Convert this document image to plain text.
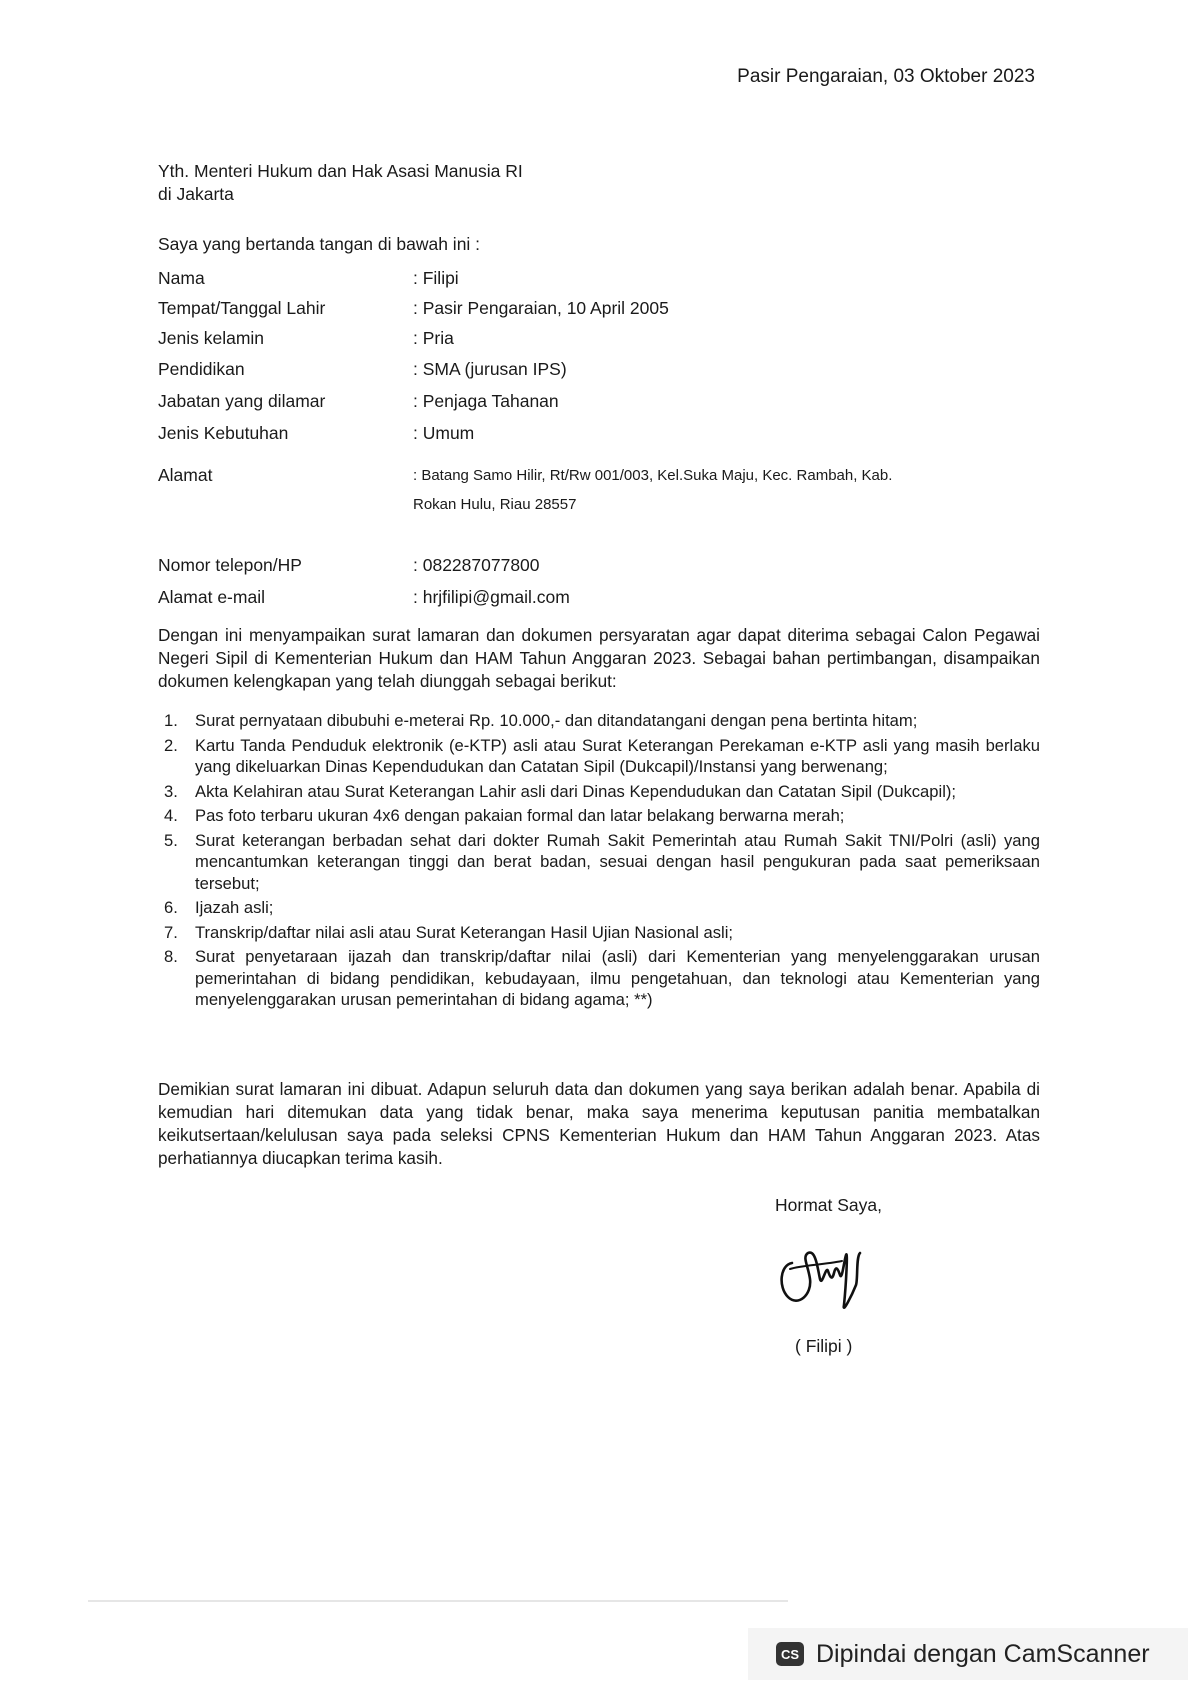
Pasir Pengaraian, 03 Oktober 2023
Yth. Menteri Hukum dan Hak Asasi Manusia RI
di Jakarta
Saya yang bertanda tangan di bawah ini :
Nama	: Filipi
Tempat/Tanggal Lahir	: Pasir Pengaraian, 10 April 2005
Jenis kelamin	: Pria
Pendidikan	: SMA (jurusan IPS)
Jabatan yang dilamar	: Penjaga Tahanan
Jenis Kebutuhan	: Umum
Alamat	: Batang Samo Hilir, Rt/Rw 001/003, Kel.Suka Maju, Kec. Rambah, Kab. Rokan Hulu, Riau 28557
Nomor telepon/HP	: 082287077800
Alamat e-mail	: hrjfilipi@gmail.com
Dengan ini menyampaikan surat lamaran dan dokumen persyaratan agar dapat diterima sebagai Calon Pegawai Negeri Sipil di Kementerian Hukum dan HAM Tahun Anggaran 2023. Sebagai bahan pertimbangan, disampaikan dokumen kelengkapan yang telah diunggah sebagai berikut:
1. Surat pernyataan dibubuhi e-meterai Rp. 10.000,- dan ditandatangani dengan pena bertinta hitam;
2. Kartu Tanda Penduduk elektronik (e-KTP) asli atau Surat Keterangan Perekaman e-KTP asli yang masih berlaku yang dikeluarkan Dinas Kependudukan dan Catatan Sipil (Dukcapil)/Instansi yang berwenang;
3. Akta Kelahiran atau Surat Keterangan Lahir asli dari Dinas Kependudukan dan Catatan Sipil (Dukcapil);
4. Pas foto terbaru ukuran 4x6 dengan pakaian formal dan latar belakang berwarna merah;
5. Surat keterangan berbadan sehat dari dokter Rumah Sakit Pemerintah atau Rumah Sakit TNI/Polri (asli) yang mencantumkan keterangan tinggi dan berat badan, sesuai dengan hasil pengukuran pada saat pemeriksaan tersebut;
6. Ijazah asli;
7. Transkrip/daftar nilai asli atau Surat Keterangan Hasil Ujian Nasional asli;
8. Surat penyetaraan ijazah dan transkrip/daftar nilai (asli) dari Kementerian yang menyelenggarakan urusan pemerintahan di bidang pendidikan, kebudayaan, ilmu pengetahuan, dan teknologi atau Kementerian yang menyelenggarakan urusan pemerintahan di bidang agama; **)
Demikian surat lamaran ini dibuat. Adapun seluruh data dan dokumen yang saya berikan adalah benar. Apabila di kemudian hari ditemukan data yang tidak benar, maka saya menerima keputusan panitia membatalkan keikutsertaan/kelulusan saya pada seleksi CPNS Kementerian Hukum dan HAM Tahun Anggaran 2023. Atas perhatiannya diucapkan terima kasih.
Hormat Saya,
( Filipi )
CS Dipindai dengan CamScanner
